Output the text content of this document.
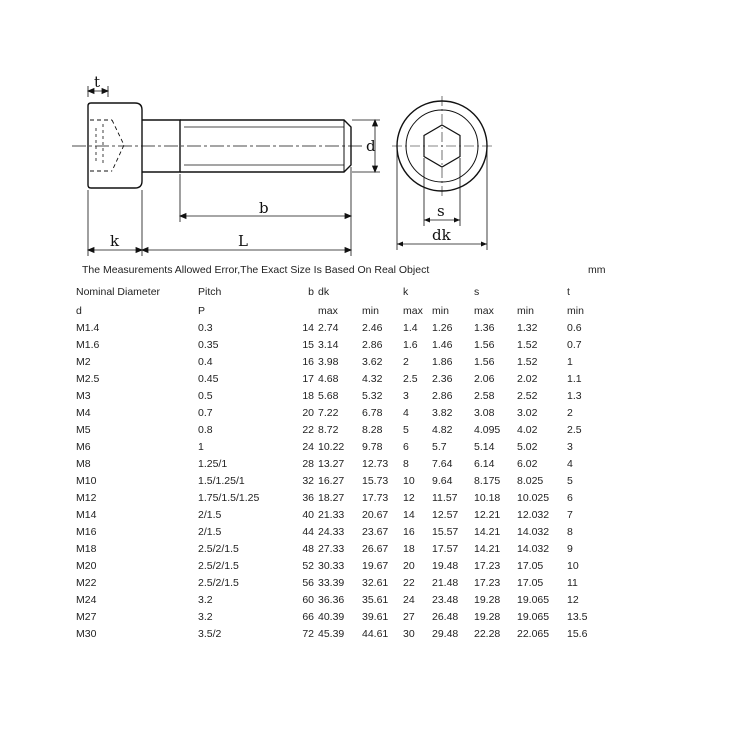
t
d
b
k	L
s
dk
The Measurements Allowed Error,The Exact Size Is Based On Real Object	mm
Nominal Diameter	Pitch	b	dk		k		s		t
d	P		max	min	max	min	max	min	min
M1.4	0.3	14	2.74	2.46	1.4	1.26	1.36	1.32	0.6
M1.6	0.35	15	3.14	2.86	1.6	1.46	1.56	1.52	0.7
M2	0.4	16	3.98	3.62	2	1.86	1.56	1.52	1
M2.5	0.45	17	4.68	4.32	2.5	2.36	2.06	2.02	1.1
M3	0.5	18	5.68	5.32	3	2.86	2.58	2.52	1.3
M4	0.7	20	7.22	6.78	4	3.82	3.08	3.02	2
M5	0.8	22	8.72	8.28	5	4.82	4.095	4.02	2.5
M6	1	24	10.22	9.78	6	5.7	5.14	5.02	3
M8	1.25/1	28	13.27	12.73	8	7.64	6.14	6.02	4
M10	1.5/1.25/1	32	16.27	15.73	10	9.64	8.175	8.025	5
M12	1.75/1.5/1.25	36	18.27	17.73	12	11.57	10.18	10.025	6
M14	2/1.5	40	21.33	20.67	14	12.57	12.21	12.032	7
M16	2/1.5	44	24.33	23.67	16	15.57	14.21	14.032	8
M18	2.5/2/1.5	48	27.33	26.67	18	17.57	14.21	14.032	9
M20	2.5/2/1.5	52	30.33	19.67	20	19.48	17.23	17.05	10
M22	2.5/2/1.5	56	33.39	32.61	22	21.48	17.23	17.05	11
M24	3.2	60	36.36	35.61	24	23.48	19.28	19.065	12
M27	3.2	66	40.39	39.61	27	26.48	19.28	19.065	13.5
M30	3.5/2	72	45.39	44.61	30	29.48	22.28	22.065	15.6
